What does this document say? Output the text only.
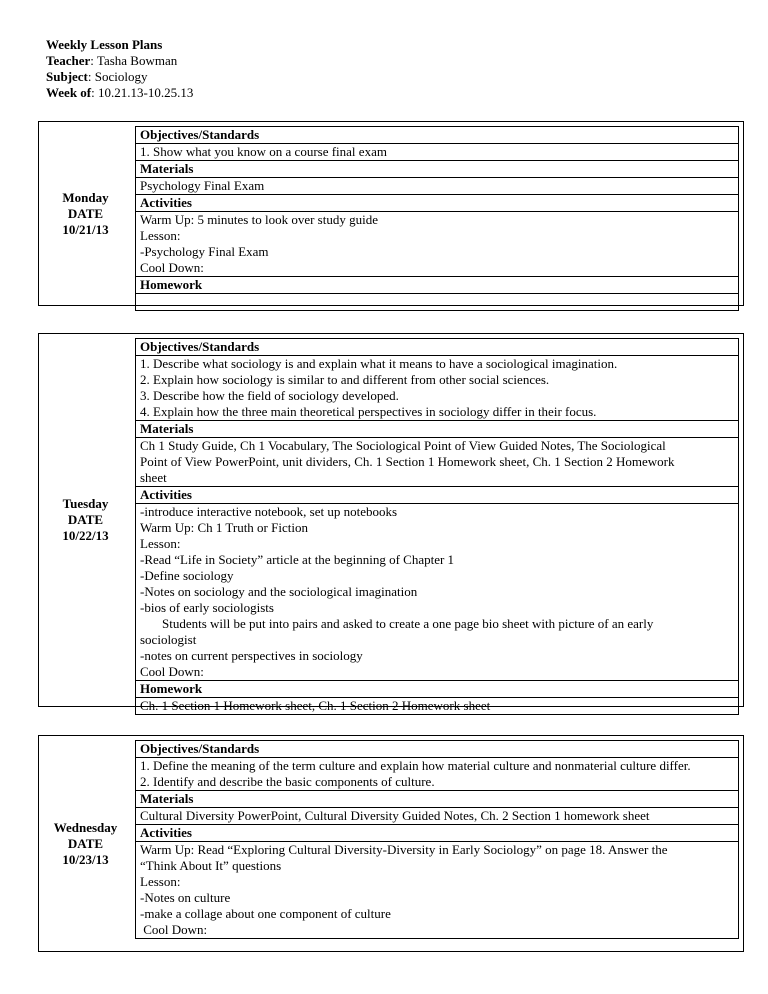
Weekly Lesson Plans
Teacher: Tasha Bowman
Subject: Sociology
Week of: 10.21.13-10.25.13
Monday
DATE
10/21/13
Objectives/Standards
1. Show what you know on a course final exam
Materials
Psychology Final Exam
Activities
Warm Up: 5 minutes to look over study guide
Lesson:
-Psychology Final Exam
Cool Down:
Homework
Tuesday
DATE
10/22/13
Objectives/Standards
1. Describe what sociology is and explain what it means to have a sociological imagination.
2. Explain how sociology is similar to and different from other social sciences.
3. Describe how the field of sociology developed.
4. Explain how the three main theoretical perspectives in sociology differ in their focus.
Materials
Ch 1 Study Guide, Ch 1 Vocabulary, The Sociological Point of View Guided Notes, The Sociological
Point of View PowerPoint, unit dividers, Ch. 1 Section 1 Homework sheet, Ch. 1 Section 2 Homework
sheet
Activities
-introduce interactive notebook, set up notebooks
Warm Up: Ch 1 Truth or Fiction
Lesson:
-Read “Life in Society” article at the beginning of Chapter 1
-Define sociology
-Notes on sociology and the sociological imagination
-bios of early sociologists
Students will be put into pairs and asked to create a one page bio sheet with picture of an early
sociologist
-notes on current perspectives in sociology
Cool Down:
Homework
Ch. 1 Section 1 Homework sheet, Ch. 1 Section 2 Homework sheet
Wednesday
DATE
10/23/13
Objectives/Standards
1. Define the meaning of the term culture and explain how material culture and nonmaterial culture differ.
2. Identify and describe the basic components of culture.
Materials
Cultural Diversity PowerPoint, Cultural Diversity Guided Notes, Ch. 2 Section 1 homework sheet
Activities
Warm Up: Read “Exploring Cultural Diversity-Diversity in Early Sociology” on page 18. Answer the
“Think About It” questions
Lesson:
-Notes on culture
-make a collage about one component of culture
Cool Down:
